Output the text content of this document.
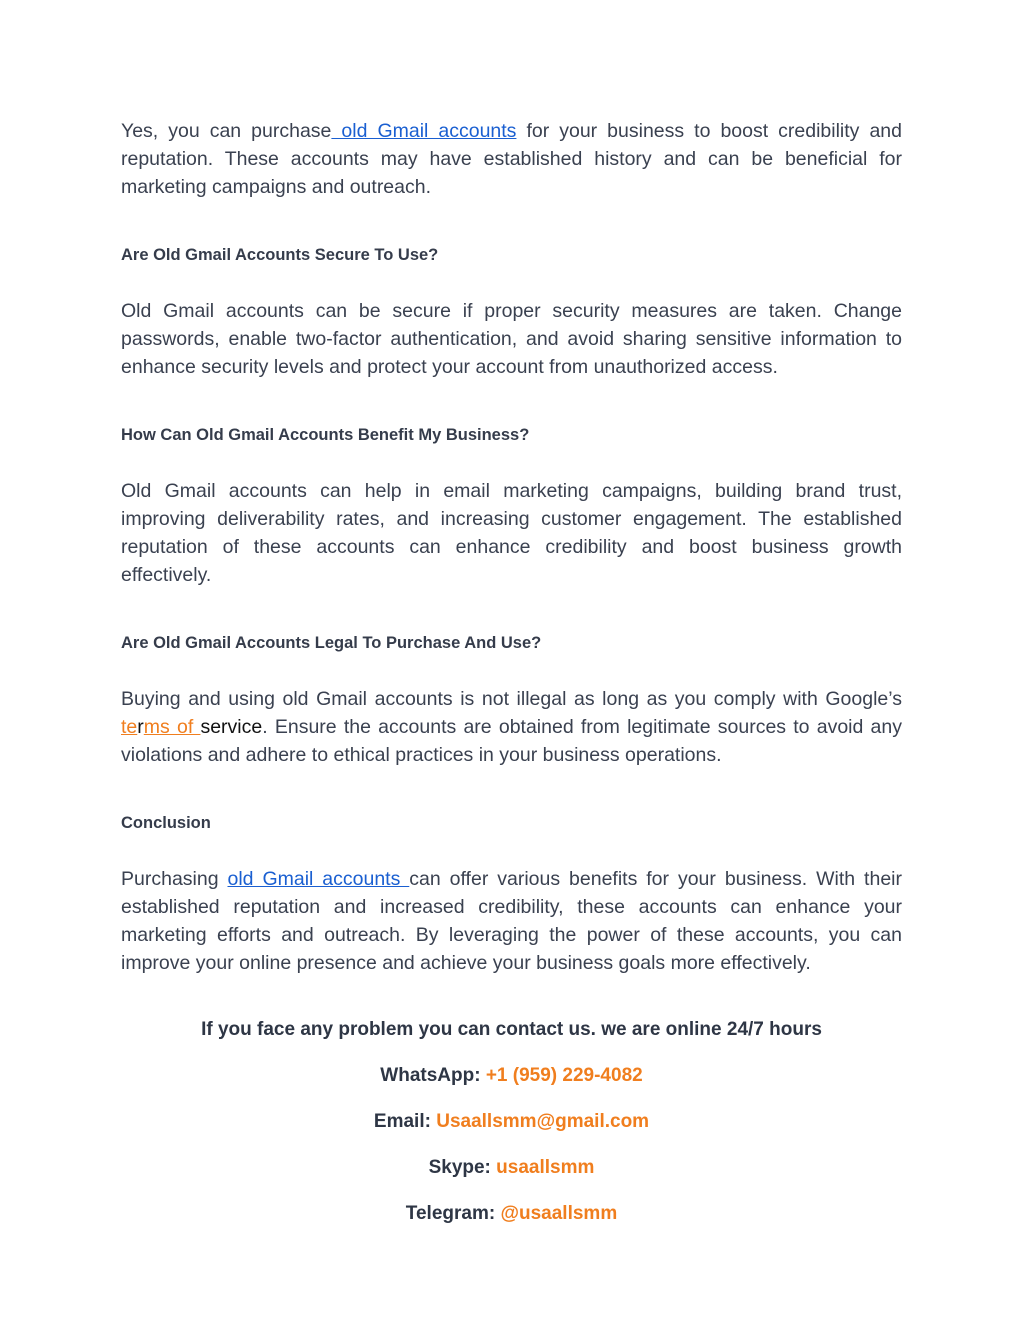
Yes, you can purchase old Gmail accounts for your business to boost credibility and reputation. These accounts may have established history and can be beneficial for marketing campaigns and outreach.

Are Old Gmail Accounts Secure To Use?

Old Gmail accounts can be secure if proper security measures are taken. Change passwords, enable two-factor authentication, and avoid sharing sensitive information to enhance security levels and protect your account from unauthorized access.

How Can Old Gmail Accounts Benefit My Business?

Old Gmail accounts can help in email marketing campaigns, building brand trust, improving deliverability rates, and increasing customer engagement. The established reputation of these accounts can enhance credibility and boost business growth effectively.

Are Old Gmail Accounts Legal To Purchase And Use?

Buying and using old Gmail accounts is not illegal as long as you comply with Google’s terms of service. Ensure the accounts are obtained from legitimate sources to avoid any violations and adhere to ethical practices in your business operations.

Conclusion

Purchasing old Gmail accounts can offer various benefits for your business. With their established reputation and increased credibility, these accounts can enhance your marketing efforts and outreach. By leveraging the power of these accounts, you can improve your online presence and achieve your business goals more effectively.

If you face any problem you can contact us. we are online 24/7 hours

WhatsApp: +1 (959) 229-4082

Email: Usaallsmm@gmail.com

Skype: usaallsmm

Telegram: @usaallsmm
